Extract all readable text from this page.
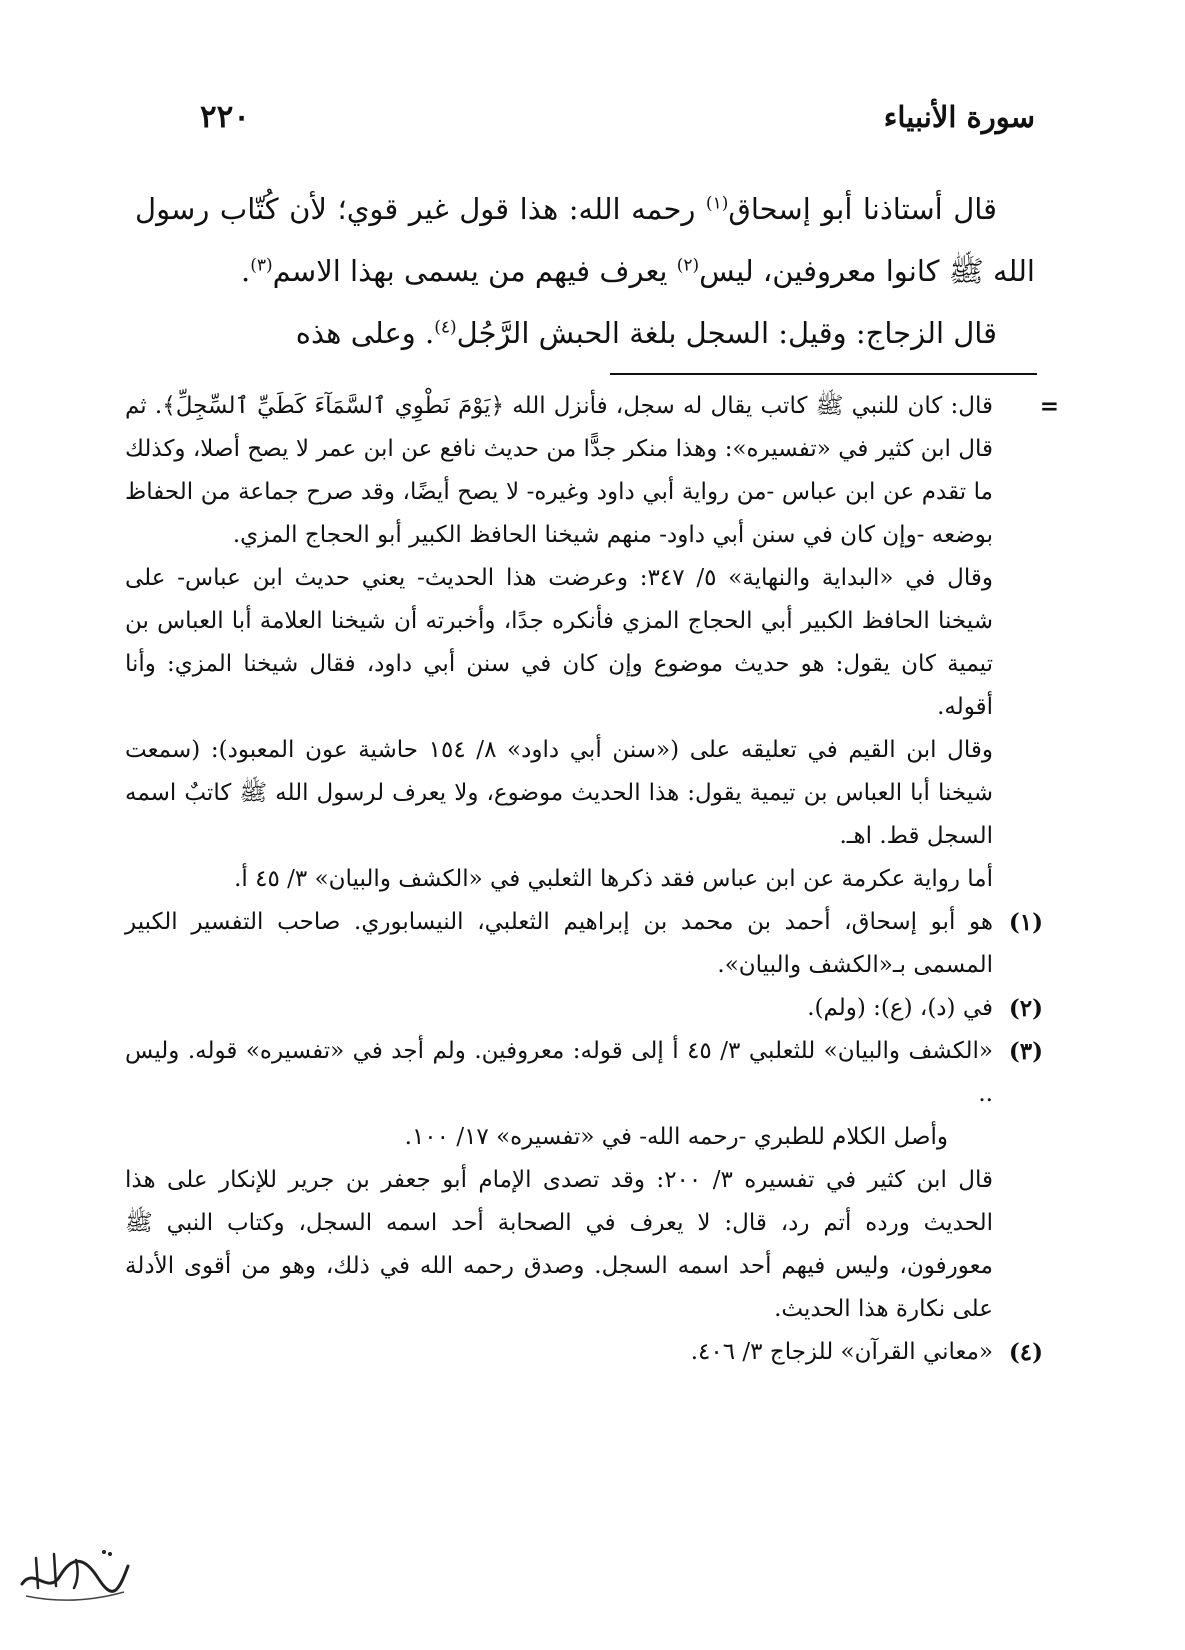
سورة الأنبياء
٢٢٠

قال أستاذنا أبو إسحاق$^{(١)}$ رحمه الله: هذا قول غير قوي؛ لأن كُتّاب رسول الله ﷺ كانوا معروفين، ليس$^{(٢)}$ يعرف فيهم من يسمى بهذا الاسم$^{(٣)}$.

قال الزجاج: وقيل: السجل بلغة الحبش الرَّجُل$^{(٤)}$. وعلى هذه

=
قال: كان للنبي ﷺ كاتب يقال له سجل، فأنزل الله ﴿يَوْمَ نَطْوِي ٱلسَّمَآءَ كَطَيِّ ٱلسِّجِلِّ﴾. ثم قال ابن كثير في «تفسيره»: وهذا منكر جدًّا من حديث نافع عن ابن عمر لا يصح أصلا، وكذلك ما تقدم عن ابن عباس -من رواية أبي داود وغيره- لا يصح أيضًا، وقد صرح جماعة من الحفاظ بوضعه -وإن كان في سنن أبي داود- منهم شيخنا الحافظ الكبير أبو الحجاج المزي.

وقال في «البداية والنهاية» ٥/ ٣٤٧: وعرضت هذا الحديث- يعني حديث ابن عباس- على شيخنا الحافظ الكبير أبي الحجاج المزي فأنكره جدًا، وأخبرته أن شيخنا العلامة أبا العباس بن تيمية كان يقول: هو حديث موضوع وإن كان في سنن أبي داود، فقال شيخنا المزي: وأنا أقوله.

وقال ابن القيم في تعليقه على («سنن أبي داود» ٨/ ١٥٤ حاشية عون المعبود): (سمعت شيخنا أبا العباس بن تيمية يقول: هذا الحديث موضوع، ولا يعرف لرسول الله ﷺ كاتبٌ اسمه السجل قط. اهـ.

أما رواية عكرمة عن ابن عباس فقد ذكرها الثعلبي في «الكشف والبيان» ٣/ ٤٥ أ.

(١)
هو أبو إسحاق، أحمد بن محمد بن إبراهيم الثعلبي، النيسابوري. صاحب التفسير الكبير المسمى بـ«الكشف والبيان».

(٢)
في (د)، (ع): (ولم).

(٣)
«الكشف والبيان» للثعلبي ٣/ ٤٥ أ إلى قوله: معروفين. ولم أجد في «تفسيره» قوله. وليس ..

وأصل الكلام للطبري -رحمه الله- في «تفسيره» ١٧/ ١٠٠.

قال ابن كثير في تفسيره ٣/ ٢٠٠: وقد تصدى الإمام أبو جعفر بن جرير للإنكار على هذا الحديث ورده أتم رد، قال: لا يعرف في الصحابة أحد اسمه السجل، وكتاب النبي ﷺ معورفون، وليس فيهم أحد اسمه السجل. وصدق رحمه الله في ذلك، وهو من أقوى الأدلة على نكارة هذا الحديث.

(٤)
«معاني القرآن» للزجاج ٣/ ٤٠٦.
